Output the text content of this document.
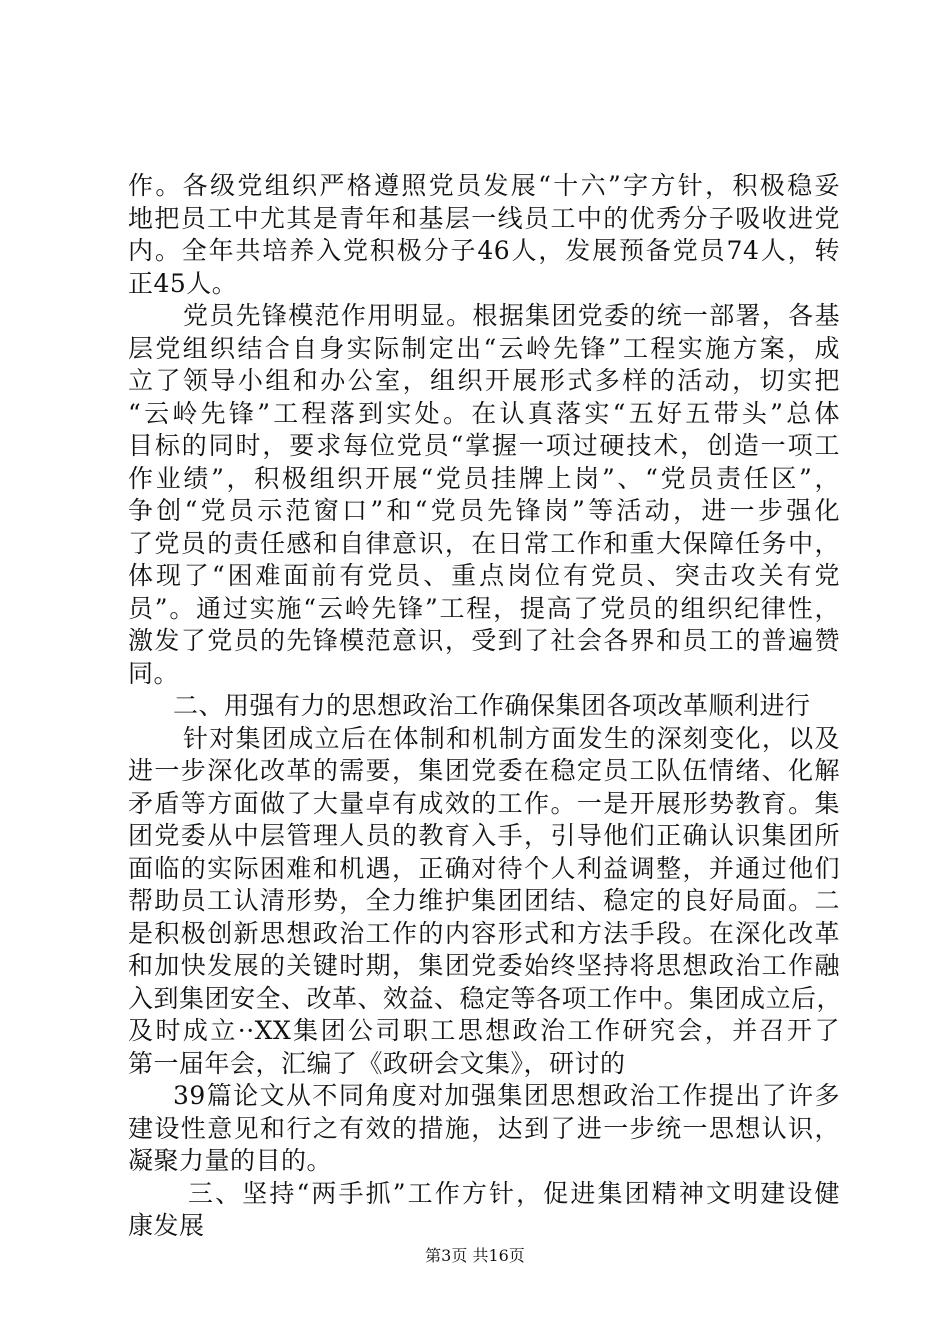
作。各级党组织严格遵照党员发展“十六”字方针，积极稳妥
地把员工中尤其是青年和基层一线员工中的优秀分子吸收进党
内。全年共培养入党积极分子46人，发展预备党员74人，转
正45人。
党员先锋模范作用明显。根据集团党委的统一部署，各基
层党组织结合自身实际制定出“云岭先锋”工程实施方案，成
立了领导小组和办公室，组织开展形式多样的活动，切实把
“云岭先锋”工程落到实处。在认真落实“五好五带头”总体
目标的同时，要求每位党员“掌握一项过硬技术，创造一项工
作业绩”，积极组织开展“党员挂牌上岗”、“党员责任区”，
争创“党员示范窗口”和“党员先锋岗”等活动，进一步强化
了党员的责任感和自律意识，在日常工作和重大保障任务中，
体现了“困难面前有党员、重点岗位有党员、突击攻关有党
员”。通过实施“云岭先锋”工程，提高了党员的组织纪律性，
激发了党员的先锋模范意识，受到了社会各界和员工的普遍赞
同。
二、用强有力的思想政治工作确保集团各项改革顺利进行
针对集团成立后在体制和机制方面发生的深刻变化，以及
进一步深化改革的需要，集团党委在稳定员工队伍情绪、化解
矛盾等方面做了大量卓有成效的工作。一是开展形势教育。集
团党委从中层管理人员的教育入手，引导他们正确认识集团所
面临的实际困难和机遇，正确对待个人利益调整，并通过他们
帮助员工认清形势，全力维护集团团结、稳定的良好局面。二
是积极创新思想政治工作的内容形式和方法手段。在深化改革
和加快发展的关键时期，集团党委始终坚持将思想政治工作融
入到集团安全、改革、效益、稳定等各项工作中。集团成立后，
及时成立··XX集团公司职工思想政治工作研究会，并召开了
第一届年会，汇编了《政研会文集》，研讨的
39篇论文从不同角度对加强集团思想政治工作提出了许多
建设性意见和行之有效的措施，达到了进一步统一思想认识，
凝聚力量的目的。
三、坚持“两手抓”工作方针，促进集团精神文明建设健
康发展
第3页 共16页
